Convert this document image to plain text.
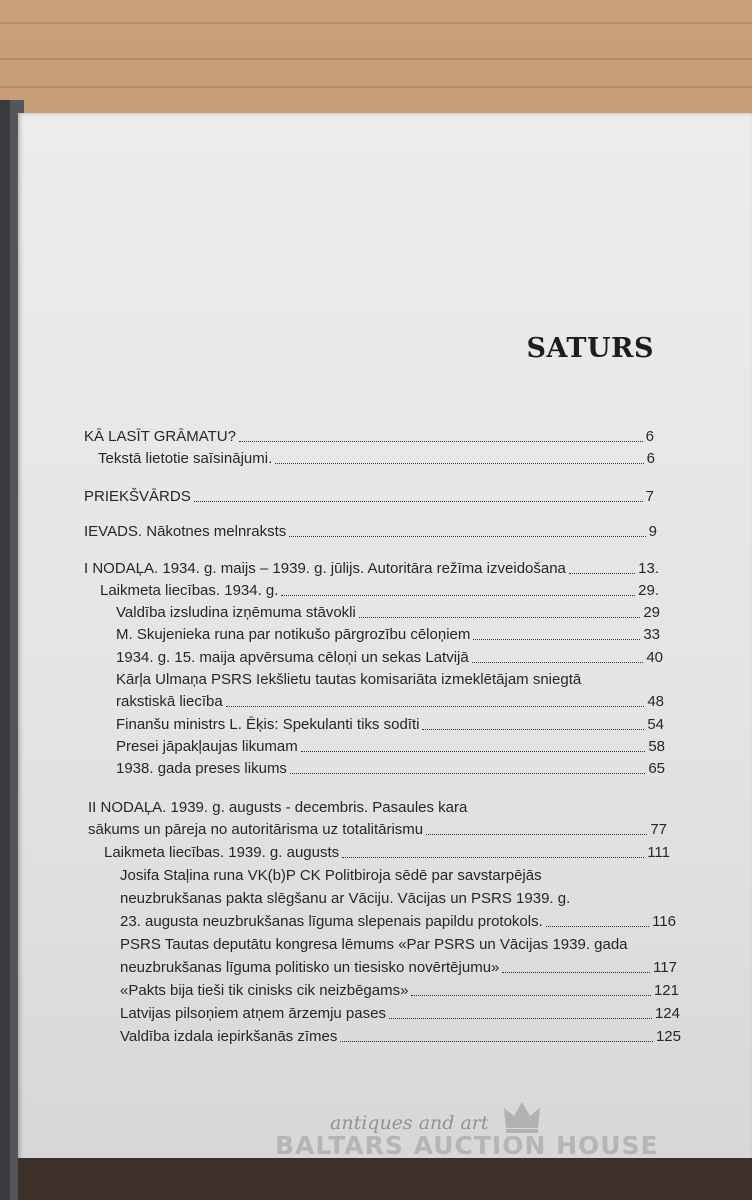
SATURS
KĀ LASĪT GRĀMATU?	6
Tekstā lietotie saīsinājumi.	6
PRIEKŠVĀRDS	7
IEVADS. Nākotnes melnraksts	9
I NODAĻA. 1934. g. maijs – 1939. g. jūlijs. Autoritāra režīma izveidošana	13.
Laikmeta liecības. 1934. g.	29.
Valdība izsludina izņēmuma stāvokli	29
M. Skujenieka runa par notikušo pārgrozību cēloņiem	33
1934. g. 15. maija apvērsuma cēloņi un sekas Latvijā	40
Kārļa Ulmaņa PSRS Iekšlietu tautas komisariāta izmeklētājam sniegtā
rakstiskā liecība	48
Finanšu ministrs L. Ēķis: Spekulanti tiks sodīti	54
Presei jāpakļaujas likumam	58
1938. gada preses likums	65
II NODAĻA. 1939. g. augusts - decembris. Pasaules kara
sākums un pāreja no autoritārisma uz totalitārismu	77
Laikmeta liecības. 1939. g. augusts	111
Josifa Staļina runa VK(b)P CK Politbiroja sēdē par savstarpējās
neuzbrukšanas pakta slēgšanu ar Vāciju. Vācijas un PSRS 1939. g.
23. augusta neuzbrukšanas līguma slepenais papildu protokols.	116
PSRS Tautas deputātu kongresa lēmums «Par PSRS un Vācijas 1939. gada
neuzbrukšanas līguma politisko un tiesisko novērtējumu»	117
«Pakts bija tieši tik cinisks cik neizbēgams»	121
Latvijas pilsoņiem atņem ārzemju pases	124
Valdība izdala iepirkšanās zīmes	125
antiques and art
BALTARS AUCTION HOUSE
